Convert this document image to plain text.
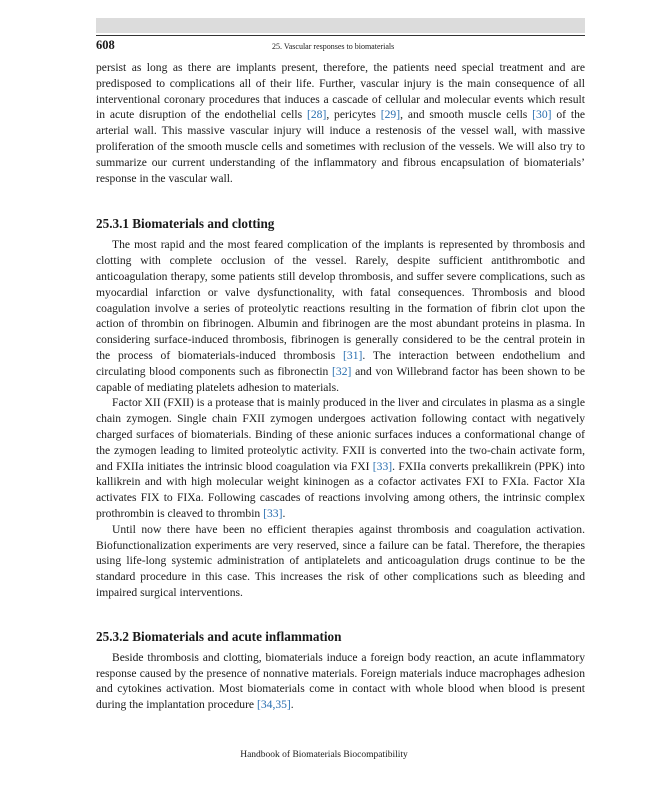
608	25. Vascular responses to biomaterials

persist as long as there are implants present, therefore, the patients need special treatment and are predisposed to complications all of their life. Further, vascular injury is the main consequence of all interventional coronary procedures that induces a cascade of cellular and molecular events which result in acute disruption of the endothelial cells [28], pericytes [29], and smooth muscle cells [30] of the arterial wall. This massive vascular injury will induce a restenosis of the vessel wall, with massive proliferation of the smooth muscle cells and sometimes with reclusion of the vessels. We will also try to summarize our current understanding of the inflammatory and fibrous encapsulation of biomaterials’ response in the vascular wall.

25.3.1 Biomaterials and clotting

The most rapid and the most feared complication of the implants is represented by thrombosis and clotting with complete occlusion of the vessel. Rarely, despite sufficient antithrombotic and anticoagulation therapy, some patients still develop thrombosis, and suffer severe complications, such as myocardial infarction or valve dysfunctionality, with fatal consequences. Thrombosis and blood coagulation involve a series of proteolytic reactions resulting in the formation of fibrin clot upon the action of thrombin on fibrinogen. Albumin and fibrinogen are the most abundant proteins in plasma. In considering surface-induced thrombosis, fibrinogen is generally considered to be the central protein in the process of biomaterials-induced thrombosis [31]. The interaction between endothelium and circulating blood components such as fibronectin [32] and von Willebrand factor has been shown to be capable of mediating platelets adhesion to materials.

Factor XII (FXII) is a protease that is mainly produced in the liver and circulates in plasma as a single chain zymogen. Single chain FXII zymogen undergoes activation following contact with negatively charged surfaces of biomaterials. Binding of these anionic surfaces induces a conformational change of the zymogen leading to limited proteolytic activity. FXII is converted into the two-chain activate form, and FXIIa initiates the intrinsic blood coagulation via FXI [33]. FXIIa converts prekallikrein (PPK) into kallikrein and with high molecular weight kininogen as a cofactor activates FXI to FXIa. Factor XIa activates FIX to FIXa. Following cascades of reactions involving among others, the intrinsic complex prothrombin is cleaved to thrombin [33].

Until now there have been no efficient therapies against thrombosis and coagulation activation. Biofunctionalization experiments are very reserved, since a failure can be fatal. Therefore, the therapies using life-long systemic administration of antiplatelets and anticoagulation drugs continue to be the standard procedure in this case. This increases the risk of other complications such as bleeding and impaired surgical interventions.

25.3.2 Biomaterials and acute inflammation

Beside thrombosis and clotting, biomaterials induce a foreign body reaction, an acute inflammatory response caused by the presence of nonnative materials. Foreign materials induce macrophages adhesion and cytokines activation. Most biomaterials come in contact with whole blood when blood is present during the implantation procedure [34,35].

Handbook of Biomaterials Biocompatibility
